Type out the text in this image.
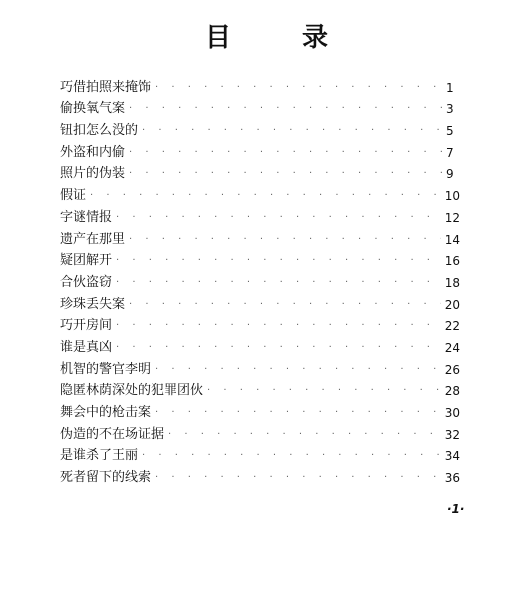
目	录
巧借拍照来掩饰 · · ·	1
偷换氧气案 · · ·	3
钮扣怎么没的 · · ·	5
外盗和内偷 · · ·	7
照片的伪装 · · ·	9
假证 · · ·	10
字谜情报 · · ·	12
遗产在那里 · · ·	14
疑团解开 · · ·	16
合伙盗窃 · · ·	18
珍珠丢失案 · · ·	20
巧开房间 · · ·	22
谁是真凶 · · ·	24
机智的警官李明 · · ·	26
隐匿林荫深处的犯罪团伙 · · ·	28
舞会中的枪击案 · · ·	30
伪造的不在场证据 · · ·	32
是谁杀了王丽 · · ·	34
死者留下的线索 · · ·	36
·1·
